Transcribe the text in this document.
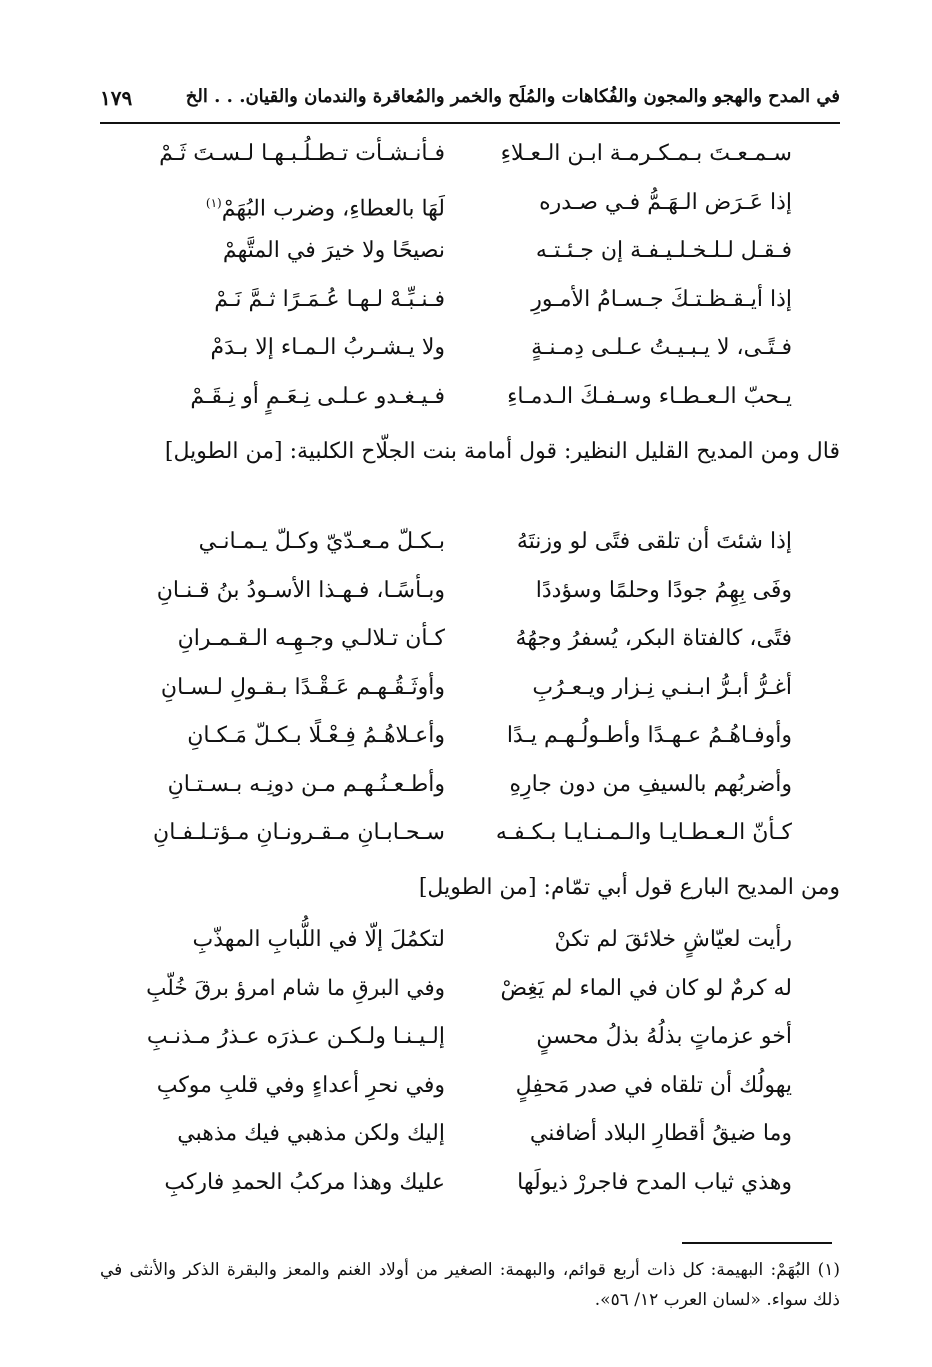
في المدح والهجو والمجون والفُكاهات والمُلَح والخمر والمُعاقرة والندمان والقيان. . . الخ
١٧٩
سـمـعـتَ بـمـكـرمـة ابـن الـعـلاءِ
فـأنـشـأت تـطـلُـبـهـا لـسـتَ ثَـمْ
إذا عَـرَض الـهَـمُّ فـي صـدره
لَهَا بالعطاءِ، وضرب البُهَمْ$^{(١)}$
فـقـل لـلـخـلـيـفـة إن جـئـتـه
نصيحًا ولا خيرَ في المتَّهمْ
إذا أيـقـظـتـكَ جـسـامُ الأمـورِ
فـنـبِّـهْ لـهـا عُـمَـرًا ثـمَّ نَـمْ
فـتًـى، لا يـبـيـتُ عـلـى دِمـنـةٍ
ولا يـشـربُ الـمـاء إلا بـدَمْ
يـحبّ الـعـطـاء وسـفـكَ الـدمـاءِ
فـيـغـدو عـلـى نِـعَـمٍ أو نِـقَـمْ
قال ومن المديح القليل النظير: قول أمامة بنت الجلّاح الكلبية: [من الطويل]
إذا شئتَ أن تلقى فتًى لو وزنتَهُ
بـكـلّ مـعـدّيّ وكـلّ يـمـانـي
وفَى بِهِمُ جودًا وحلمًا وسؤددًا
وبـأسًـا، فـهـذا الأسـودُ بنُ قـنـانِ
فتًى، كالفتاة البكر، يُسفرُ وجهُهُ
كـأن تـلالـي وجـهِـه الـقـمـرانِ
أغـرُّ أبـرُّ ابـنـي نِـزار ويـعـرُبِ
وأوثَـقُـهـم عَـقْـدًا بـقـولِ لـسـانِ
وأوفـاهُـمُ عـهـدًا وأطـولُـهـم يـدًا
وأعـلاهُـمُ فِـعْـلًا بـكـلّ مَـكـانِ
وأضربُهم بالسيفِ من دون جارِهِ
وأطـعـنُـهـم مـن دونِـه بـسـتـانِ
كـأنّ الـعـطـايـا والـمـنـايـا بـكـفـه
سـحـابـانِ مـقـرونـانِ مـؤتـلـفـانِ
ومن المديح البارع قول أبي تمّام: [من الطويل]
رأيت لعيّاشٍ خلائقَ لم تكنْ
لتكمُلَ إلّا في اللُّبابِ المهذّبِ
له كرمٌ لو كان في الماء لم يَغِضْ
وفي البرقِ ما شام امرؤ برقَ خُلّبِ
أخو عزماتٍ بذلُهُ بذلُ محسنٍ
إلـيـنـا ولـكـن عـذرَه عـذرُ مـذنـبِ
يهولُك أن تلقاه في صدر مَحفِلٍ
وفي نحرِ أعداءٍ وفي قلبِ موكبِ
وما ضيقُ أقطارِ البلاد أضافني
إليك ولكن مذهبي فيك مذهبي
وهذي ثياب المدح فاجررْ ذيولَها
عليك وهذا مركبُ الحمدِ فاركبِ
(١) البُهَمْ: البهيمة: كل ذات أربع قوائم، والبهمة: الصغير من أولاد الغنم والمعز والبقرة الذكر والأنثى في ذلك سواء. «لسان العرب ١٢/ ٥٦».
